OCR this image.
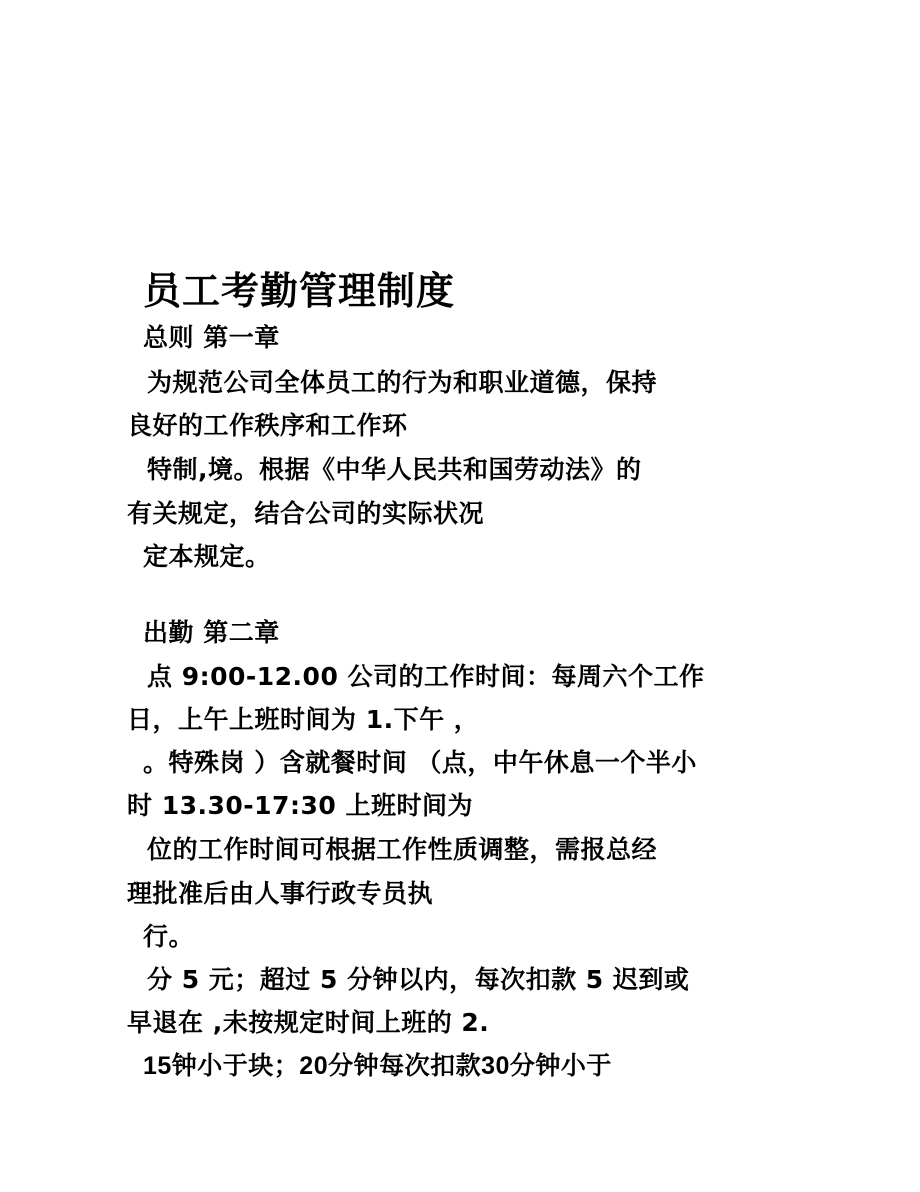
员工考勤管理制度
总则 第一章
为规范公司全体员工的行为和职业道德，保持
良好的工作秩序和工作环
特制,境。根据《中华人民共和国劳动法》的
有关规定，结合公司的实际状况
定本规定。
出勤 第二章
点 9:00-12.00 公司的工作时间：每周六个工作
日，上午上班时间为 1.下午 ，
。特殊岗 ）含就餐时间 （点，中午休息一个半小
时 13.30-17:30 上班时间为
位的工作时间可根据工作性质调整，需报总经
理批准后由人事行政专员执
行。
分 5 元；超过 5 分钟以内，每次扣款 5 迟到或
早退在 ,未按规定时间上班的 2.
15钟小于块；20分钟每次扣款30分钟小于
